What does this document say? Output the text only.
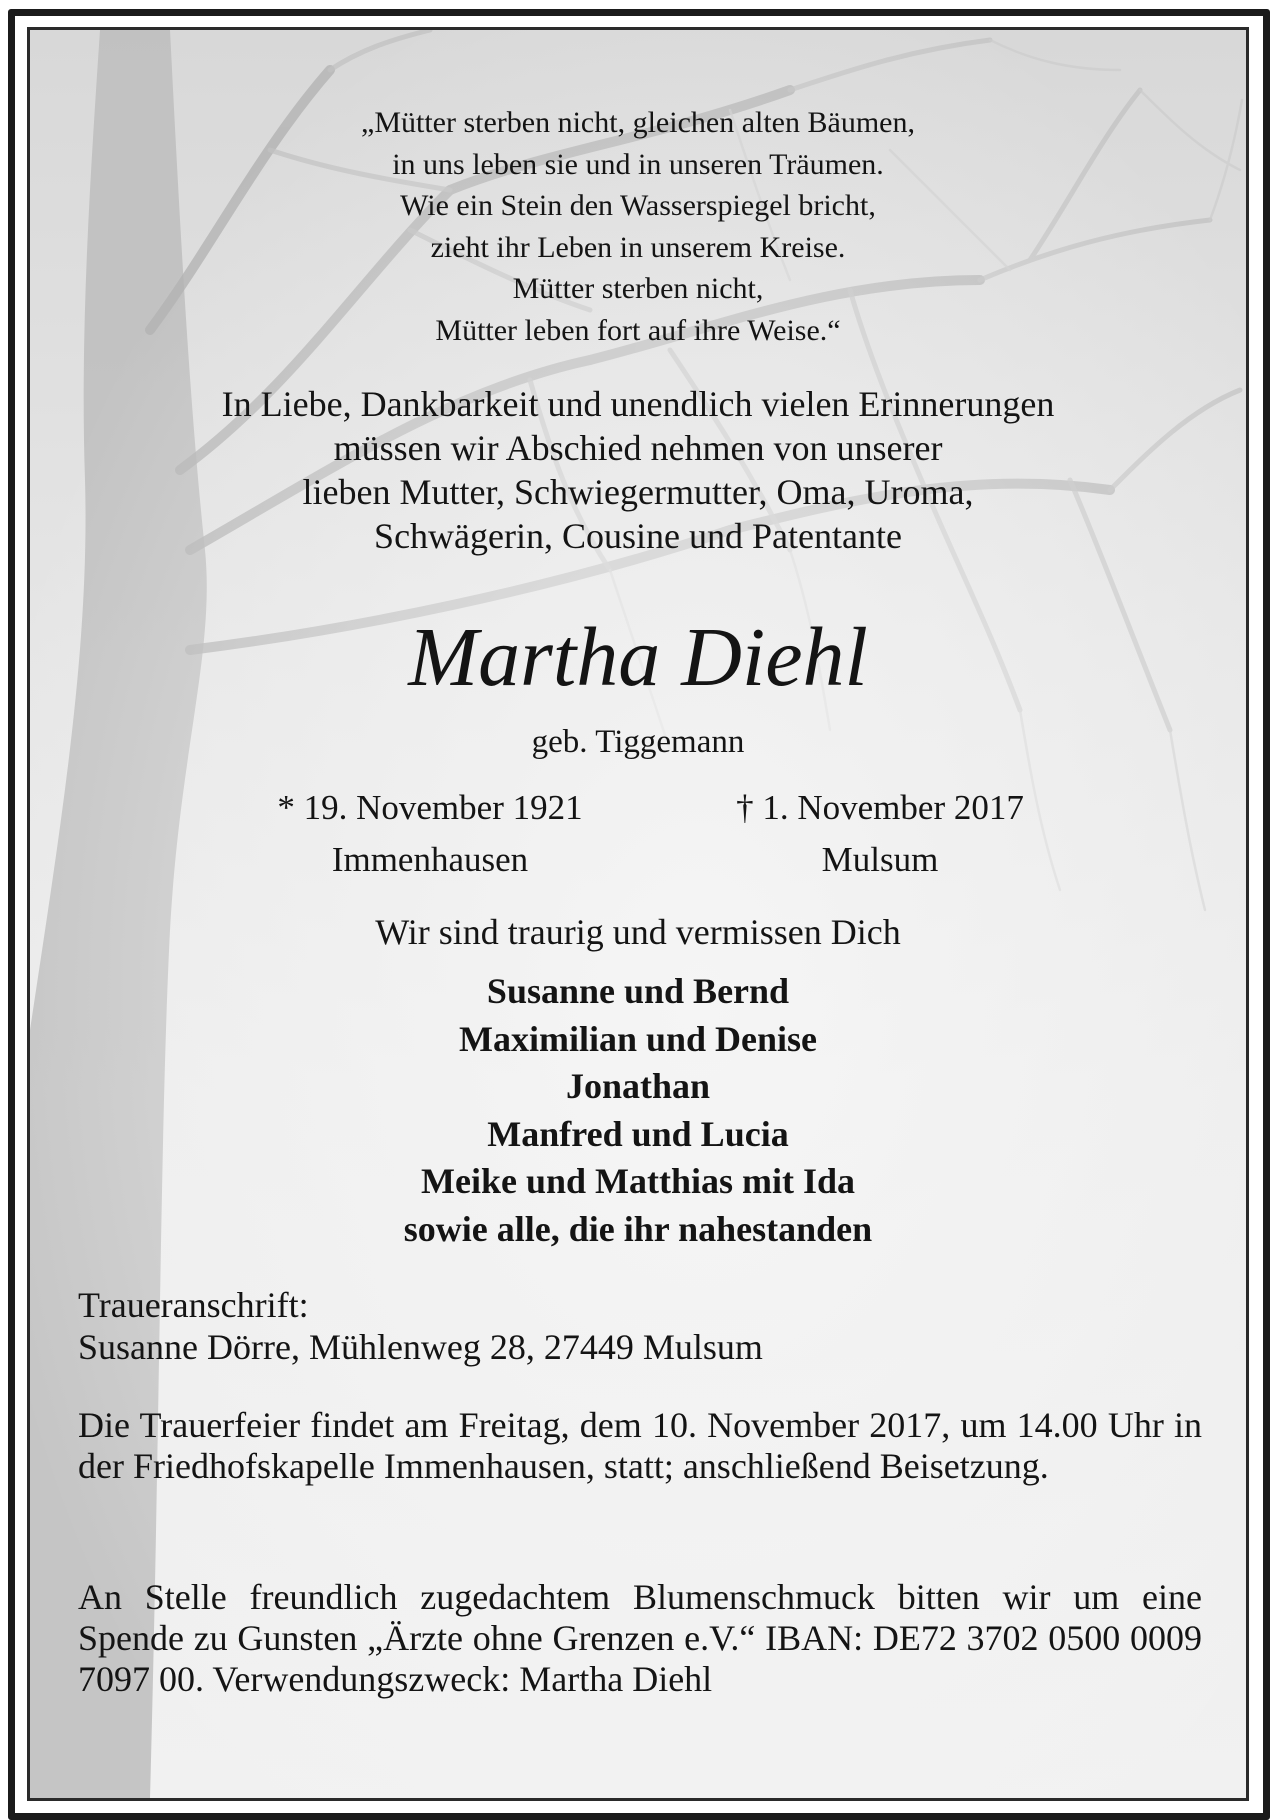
„Mütter sterben nicht, gleichen alten Bäumen,
in uns leben sie und in unseren Träumen.
Wie ein Stein den Wasserspiegel bricht,
zieht ihr Leben in unserem Kreise.
Mütter sterben nicht,
Mütter leben fort auf ihre Weise.“
In Liebe, Dankbarkeit und unendlich vielen Erinnerungen
müssen wir Abschied nehmen von unserer
lieben Mutter, Schwiegermutter, Oma, Uroma,
Schwägerin, Cousine und Patentante
Martha Diehl
geb. Tiggemann
* 19. November 1921
Immenhausen
† 1. November 2017
Mulsum
Wir sind traurig und vermissen Dich
Susanne und Bernd
Maximilian und Denise
Jonathan
Manfred und Lucia
Meike und Matthias mit Ida
sowie alle, die ihr nahestanden
Traueranschrift:
Susanne Dörre, Mühlenweg 28, 27449 Mulsum
Die Trauerfeier findet am Freitag, dem 10. November 2017, um 14.00 Uhr in der Friedhofskapelle Immenhausen, statt; anschließend Beisetzung.
An Stelle freundlich zugedachtem Blumenschmuck bitten wir um eine Spende zu Gunsten „Ärzte ohne Grenzen e.V.“ IBAN: DE72 3702 0500 0009 7097 00. Verwendungszweck: Martha Diehl
